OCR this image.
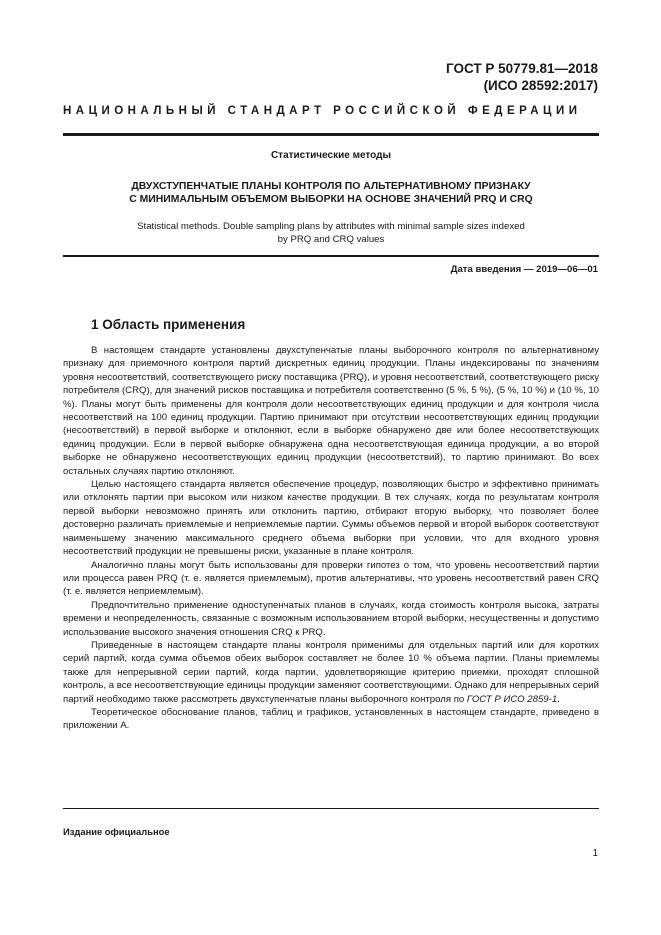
ГОСТ Р 50779.81—2018
(ИСО 28592:2017)
НАЦИОНАЛЬНЫЙ СТАНДАРТ РОССИЙСКОЙ ФЕДЕРАЦИИ
Статистические методы
ДВУХСТУПЕНЧАТЫЕ ПЛАНЫ КОНТРОЛЯ ПО АЛЬТЕРНАТИВНОМУ ПРИЗНАКУ
С МИНИМАЛЬНЫМ ОБЪЕМОМ ВЫБОРКИ НА ОСНОВЕ ЗНАЧЕНИЙ PRQ И CRQ
Statistical methods. Double sampling plans by attributes with minimal sample sizes indexed
by PRQ and CRQ values
Дата введения — 2019—06—01
1 Область применения

В настоящем стандарте установлены двухступенчатые планы выборочного контроля по альтернативному признаку для приемочного контроля партий дискретных единиц продукции. Планы индексированы по значениям уровня несоответствий, соответствующего риску поставщика (PRQ), и уровня несоответствий, соответствующего риску потребителя (CRQ), для значений рисков поставщика и потребителя соответственно (5 %, 5 %), (5 %, 10 %) и (10 %, 10 %). Планы могут быть применены для контроля доли несоответствующих единиц продукции и для контроля числа несоответствий на 100 единиц продукции. Партию принимают при отсутствии несоответствующих единиц продукции (несоответствий) в первой выборке и отклоняют, если в выборке обнаружено две или более несоответствующих единиц продукции. Если в первой выборке обнаружена одна несоответствующая единица продукции, а во второй выборке не обнаружено несоответствующих единиц продукции (несоответствий), то партию принимают. Во всех остальных случаях партию отклоняют.

Целью настоящего стандарта является обеспечение процедур, позволяющих быстро и эффективно принимать или отклонять партии при высоком или низком качестве продукции. В тех случаях, когда по результатам контроля первой выборки невозможно принять или отклонить партию, отбирают вторую выборку, что позволяет более достоверно различать приемлемые и неприемлемые партии. Суммы объемов первой и второй выборок соответствуют наименьшему значению максимального среднего объема выборки при условии, что для входного уровня несоответствий продукции не превышены риски, указанные в плане контроля.

Аналогично планы могут быть использованы для проверки гипотез о том, что уровень несоответствий партии или процесса равен PRQ (т. е. является приемлемым), против альтернативы, что уровень несоответствий равен CRQ (т. е. является неприемлемым).

Предпочтительно применение одноступенчатых планов в случаях, когда стоимость контроля высока, затраты времени и неопределенность, связанные с возможным использованием второй выборки, несущественны и допустимо использование высокого значения отношения CRQ к PRQ.

Приведенные в настоящем стандарте планы контроля применимы для отдельных партий или для коротких серий партий, когда сумма объемов обеих выборок составляет не более 10 % объема партии. Планы приемлемы также для непрерывной серии партий, когда партии, удовлетворяющие критерию приемки, проходят сплошной контроль, а все несоответствующие единицы продукции заменяют соответствующими. Однако для непрерывных серий партий необходимо также рассмотреть двухступенчатые планы выборочного контроля по ГОСТ Р ИСО 2859-1.

Теоретическое обоснование планов, таблиц и графиков, установленных в настоящем стандарте, приведено в приложении А.

Издание официальное
1
